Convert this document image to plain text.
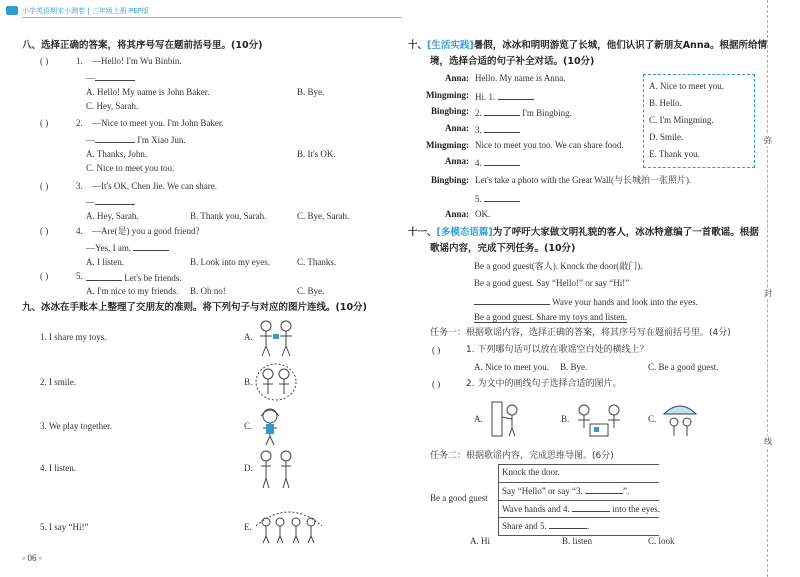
小学英语期末小测卷 | 三年级上册 PEP版
八、选择正确的答案，将其序号写在题前括号里。(10分)
( )	1. —Hello! I'm Wu Binbin.
—
A. Hello! My name is John Baker.	B. Bye.
C. Hey, Sarah.
( )	2. —Nice to meet you. I'm John Baker.
—	I'm Xiao Jun.
A. Thanks, John.	B. It's OK.
C. Nice to meet you too.
( )	3. —It's OK, Chen Jie. We can share.
—
A. Hey, Sarah.	B. Thank you, Sarah.	C. Bye, Sarah.
( )	4. —Are(是) you a good friend?
—Yes, I am.
A. I listen.	B. Look into my eyes.	C. Thanks.
( )	5.	Let's be friends.
A. I'm nice to my friends. B. Oh no!	C. Bye.
九、冰冰在手账本上整理了交朋友的准则。将下列句子与对应的图片连线。(10分)
1. I share my toys.
2. I smile.
3. We play together.
4. I listen.
5. I say “Hi!”
A.
B.
C.
D.
E.
◦ 06 ◦
弥
封
线
十、[生活实践]暑假，冰冰和明明游览了长城，他们认识了新朋友Anna。根据所给情
境，选择合适的句子补全对话。(10分)
Anna: Hello. My name is Anna.
Mingming: Hi. 1.
Bingbing: 2.	I'm Bingbing.
Anna: 3.
Mingming: Nice to meet you too. We can share food.
Anna: 4.
Bingbing: Let's take a photo with the Great Wall(与长城拍一张照片).
5.
Anna: OK.
A. Nice to meet you.
B. Hello.
C. I'm Mingming.
D. Smile.
E. Thank you.
十一、[多模态语篇]为了呼吁大家做文明礼貌的客人，冰冰特意编了一首歌谣。根据
歌谣内容，完成下列任务。(10分)
Be a good guest(客人). Knock the door(敲门).
Be a good guest. Say “Hello!” or say “Hi!”
Wave your hands and look into the eyes.
Be a good guest. Share my toys and listen.
任务一：根据歌谣内容，选择正确的答案，将其序号写在题前括号里。(4分)
( )	1. 下列哪句话可以放在歌谣空白处的横线上？
A. Nice to meet you. B. Bye.	C. Be a good guest.
( )	2. 为文中的画线句子选择合适的图片。
A.	B.	C.
任务二：根据歌谣内容，完成思维导图。(6分)
Be a good guest
Knock the door.
Say “Hello” or say “3.	”.
Wave hands and 4.	into the eyes.
Share and 5.	.
A. Hi	B. listen	C. look
